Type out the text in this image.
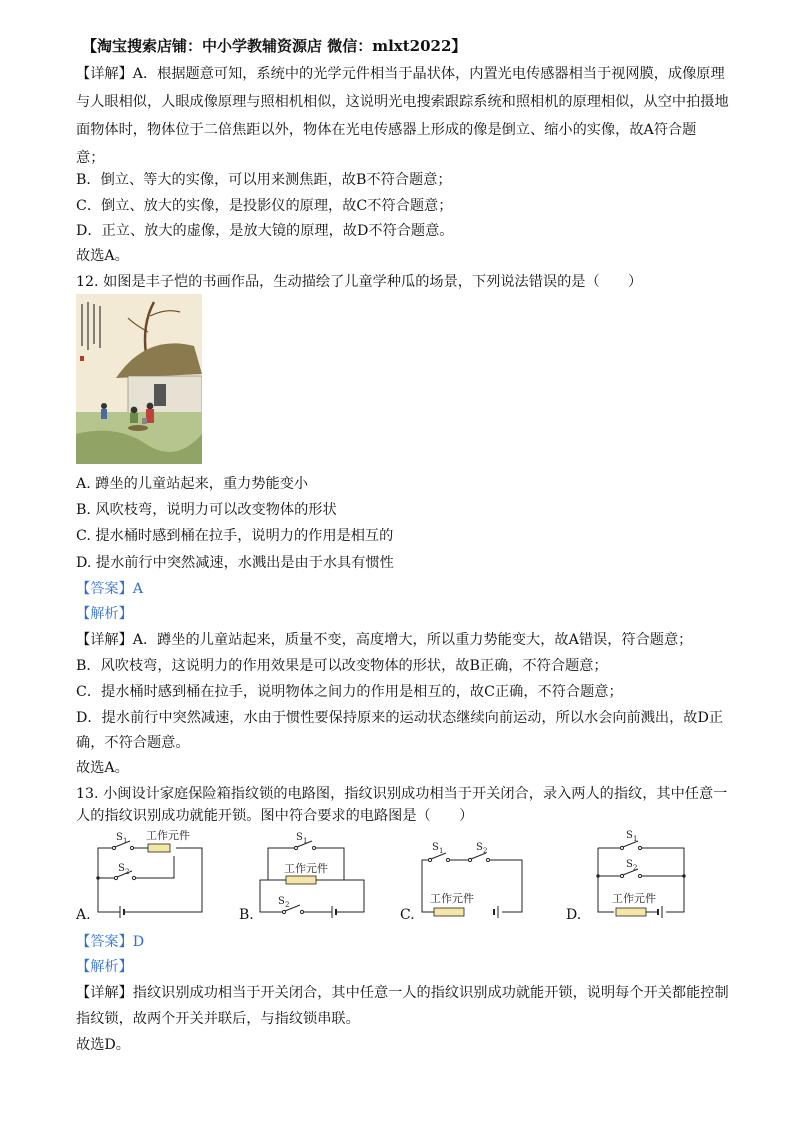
【淘宝搜索店铺：中小学教辅资源店 微信：mlxt2022】
【详解】A．根据题意可知，系统中的光学元件相当于晶状体，内置光电传感器相当于视网膜，成像原理
与人眼相似，人眼成像原理与照相机相似，这说明光电搜索跟踪系统和照相机的原理相似，从空中拍摄地
面物体时，物体位于二倍焦距以外，物体在光电传感器上形成的像是倒立、缩小的实像，故A符合题
意；
B．倒立、等大的实像，可以用来测焦距，故B不符合题意；
C．倒立、放大的实像，是投影仪的原理，故C不符合题意；
D．正立、放大的虚像，是放大镜的原理，故D不符合题意。
故选A。
12. 如图是丰子恺的书画作品，生动描绘了儿童学种瓜的场景，下列说法错误的是（　　）
A. 蹲坐的儿童站起来，重力势能变小
B. 风吹枝弯，说明力可以改变物体的形状
C. 提水桶时感到桶在拉手，说明力的作用是相互的
D. 提水前行中突然减速，水溅出是由于水具有惯性
【答案】A
【解析】
【详解】A．蹲坐的儿童站起来，质量不变，高度增大，所以重力势能变大，故A错误，符合题意；
B．风吹枝弯，这说明力的作用效果是可以改变物体的形状，故B正确，不符合题意；
C．提水桶时感到桶在拉手，说明物体之间力的作用是相互的，故C正确，不符合题意；
D．提水前行中突然减速，水由于惯性要保持原来的运动状态继续向前运动，所以水会向前溅出，故D正
确，不符合题意。
故选A。
13. 小闽设计家庭保险箱指纹锁的电路图，指纹识别成功相当于开关闭合，录入两人的指纹，其中任意一
人的指纹识别成功就能开锁。图中符合要求的电路图是（　　）
A.
工作元件
S 1
S 2
B.
工作元件
S 1
S 2
C.
工作元件
S 1	S 2
D.
工作元件
S 1
S 2
【答案】D
【解析】
【详解】指纹识别成功相当于开关闭合，其中任意一人的指纹识别成功就能开锁，说明每个开关都能控制
指纹锁，故两个开关并联后，与指纹锁串联。
故选D。
